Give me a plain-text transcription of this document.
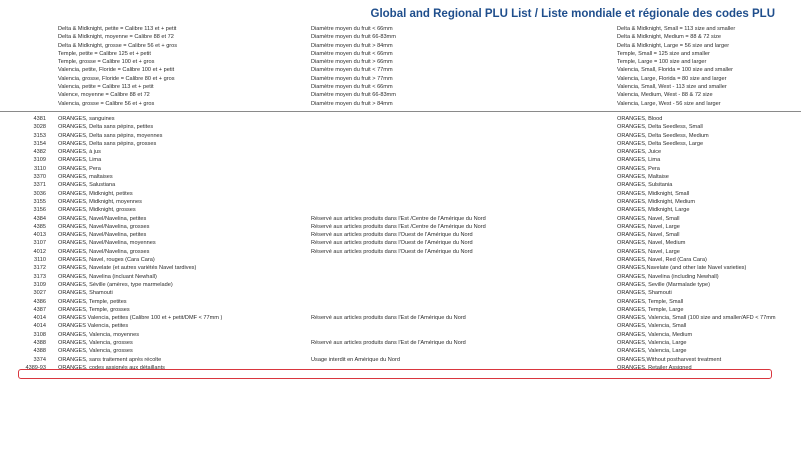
Global and Regional PLU List / Liste mondiale et régionale des codes PLU
Delta & Midknight, petite = Calibre 113 et + petit	Diamètre moyen du fruit < 66mm	Delta & Midknight, Small = 113 size and smaller
Delta & Midknight, moyenne = Calibre 88 et 72	Diamètre moyen du fruit 66-83mm	Delta & Midknight, Medium = 88 & 72 size
Delta & Midknight, grosse = Calibre 56 et + gros	Diamètre moyen du fruit > 84mm	Delta & Midknight, Large = 56 size and larger
Temple, petite = Calibre 125 et + petit	Diamètre moyen du fruit < 66mm	Temple, Small = 125 size and smaller
Temple, grosse = Calibre 100 et + gros	Diamètre moyen du fruit > 66mm	Temple, Large = 100 size and larger
Valencia, petite, Floride = Calibre 100 et + petit	Diamètre moyen du fruit < 77mm	Valencia, Small, Florida = 100 size and smaller
Valencia, grosse, Floride = Calibre 80 et + gros	Diamètre moyen du fruit > 77mm	Valencia, Large, Florida = 80 size and larger
Valencia, petite = Calibre 113 et + petit	Diamètre moyen du fruit < 66mm	Valencia, Small, West - 113 size and smaller
Valence, moyenne = Calibre 88 et 72	Diamètre moyen du fruit 66-83mm	Valencia, Medium, West - 88 & 72 size
Valencia, grosse = Calibre 56 et + gros	Diamètre moyen du fruit > 84mm	Valencia, Large, West - 56 size and larger
4381 ORANGES, sanguines	ORANGES, Blood
3028 ORANGES, Delta sans pépins, petites	ORANGES, Delta Seedless, Small
3153 ORANGES, Delta sans pépins, moyennes	ORANGES, Delta Seedless, Medium
3154 ORANGES, Delta sans pépins, grosses	ORANGES, Delta Seedless, Large
4382 ORANGES, à jus	ORANGES, Juice
3109 ORANGES, Lima	ORANGES, Lima
3110 ORANGES, Pera	ORANGES, Pera
3370 ORANGES, maltaises	ORANGES, Maltaise
3371 ORANGES, Salustiana	ORANGES, Sulsitania
3036 ORANGES, Midknight, petites	ORANGES, Midknight, Small
3155 ORANGES, Midknight, moyennes	ORANGES, Midknight, Medium
3156 ORANGES, Midknight, grosses	ORANGES, Midknight, Large
4384 ORANGES, Navel/Navelina, petites	Réservé aux articles produits dans l'Est /Centre de l'Amérique du Nord	ORANGES, Navel, Small
4385 ORANGES, Navel/Navelina, grosses	Réservé aux articles produits dans l'Est /Centre de l'Amérique du Nord	ORANGES, Navel, Large
4013 ORANGES, Navel/Navelina, petites	Réservé aux articles produits dans l'Ouest de l'Amérique du Nord	ORANGES, Navel, Small
3107 ORANGES, Navel/Navelina, moyennes	Réservé aux articles produits dans l'Ouest de l'Amérique du Nord	ORANGES, Navel, Medium
4012 ORANGES, Navel/Navelina, grosses	Réservé aux articles produits dans l'Ouest de l'Amérique du Nord	ORANGES, Navel, Large
3110 ORANGES, Navel, rouges (Cara Cara)	ORANGES, Navel, Red (Cara Cara)
3172 ORANGES, Navelate (et autres variétés Navel tardives)	ORANGES,Navelate (and other late Navel varieties)
3173 ORANGES, Navelina (incluant Newhall)	ORANGES, Navelina (including Newhall)
3109 ORANGES, Séville (amères, type marmelade)	ORANGES, Seville (Marmalade type)
3027 ORANGES, Shamouti	ORANGES, Shamouti
4386 ORANGES, Temple, petites	ORANGES, Temple, Small
4387 ORANGES, Temple, grosses	ORANGES, Temple, Large
4014 ORANGES Valencia, petites (Calibre 100 et + petit/DMF < 77mm )	Réservé aux articles produits dans l'Est de l'Amérique du Nord	ORANGES, Valencia, Small (100 size and smaller/AFD < 77mm
4014 ORANGES Valencia, petites	ORANGES, Valencia, Small
3108 ORANGES, Valencia, moyennes	ORANGES, Valencia, Medium
4388 ORANGES, Valencia, grosses	Réservé aux articles produits dans l'Est de l'Amérique du Nord	ORANGES, Valencia, Large
4388 ORANGES, Valencia, grosses	ORANGES, Valencia, Large
3374 ORANGES, sans traitement après récolte	Usage interdit en Amérique du Nord	ORANGES,Without postharvest treatment
4389-93 ORANGES, codes assignés aux détaillants	ORANGES, Retailer Assigned
